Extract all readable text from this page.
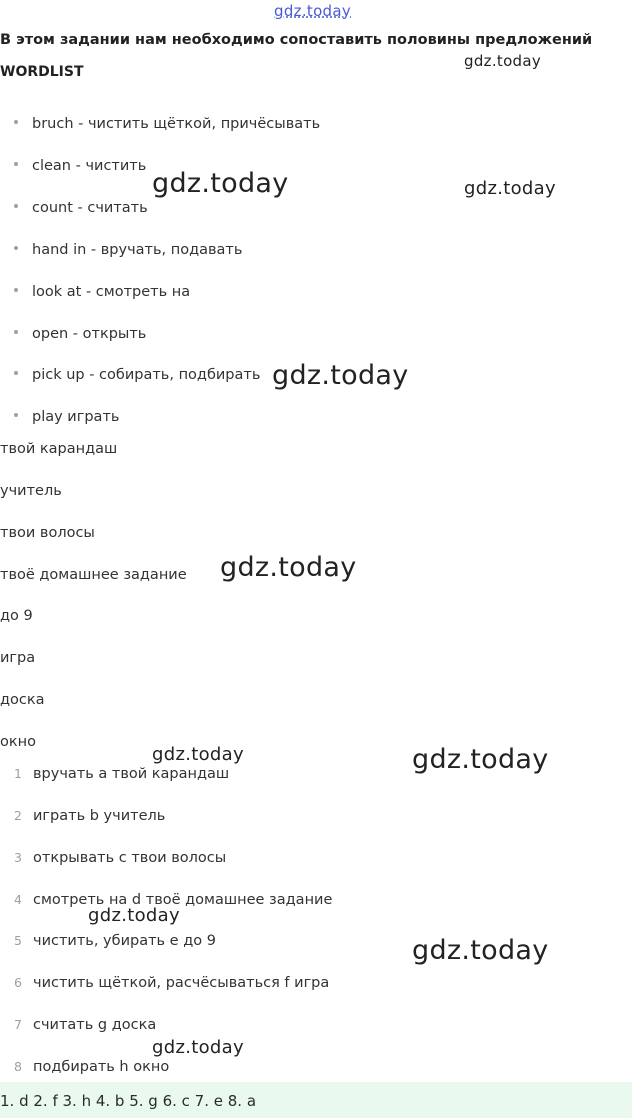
gdz.today
В этом задании нам необходимо сопоставить половины предложений
WORDLIST
bruch - чистить щёткой, причёсывать
clean - чистить
count - считать
hand in - вручать, подавать
look at - смотреть на
open - открыть
pick up - собирать, подбирать
play играть
твой карандаш
учитель
твои волосы
твоё домашнее задание
до 9
игра
доска
окно
1 вручать a твой карандаш
2 играть b учитель
3 открывать c твои волосы
4 смотреть на d твоё домашнее задание
5 чистить, убирать e до 9
6 чистить щёткой, расчёсываться f игра
7 считать g доска
8 подбирать h окно
1. d 2. f 3. h 4. b 5. g 6. c 7. e 8. a
gdz.today
gdz.today	gdz.today
gdz.today
gdz.today
gdz.today	gdz.today
gdz.today
gdz.today
gdz.today
